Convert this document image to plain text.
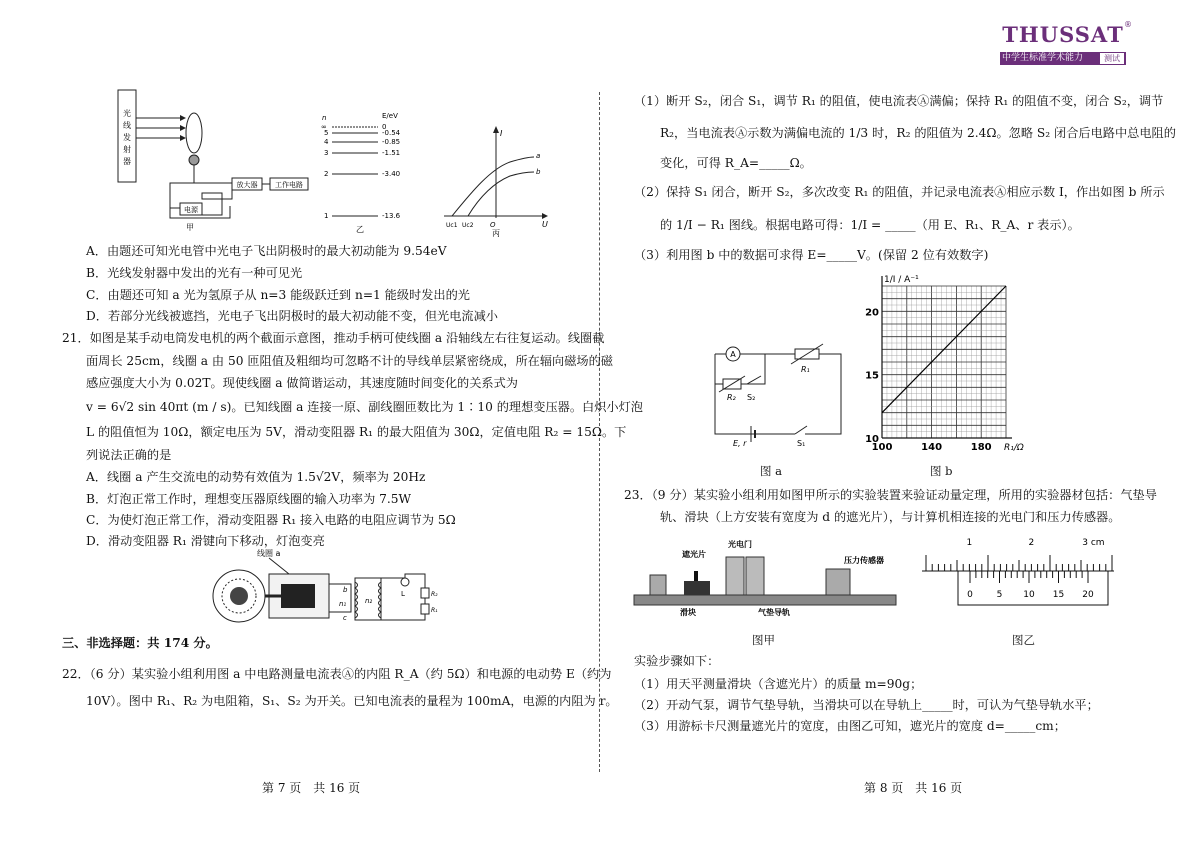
THUSSAT ®
中学生标准学术能力	测试
光
线
发
射
器
放大器	工作电路
电源
甲
n	E/eV
∞	0
5	-0.54
4	-0.85
3	-1.51
2	-3.40
1	-13.6
乙
I
U
O
Uc1 Uc2
a
b
丙
A．由题还可知光电管中光电子飞出阴极时的最大初动能为 9.54eV
B．光线发射器中发出的光有一种可见光
C．由题还可知 a 光为氢原子从 n=3 能级跃迁到 n=1 能级时发出的光
D．若部分光线被遮挡，光电子飞出阴极时的最大初动能不变，但光电流减小
21．如图是某手动电筒发电机的两个截面示意图，推动手柄可使线圈 a 沿轴线左右往复运动。线圈截
面周长 25cm，线圈 a 由 50 匝阻值及粗细均可忽略不计的导线单层紧密绕成，所在辐向磁场的磁
感应强度大小为 0.02T。现使线圈 a 做简谐运动，其速度随时间变化的关系式为
v = 6√2 sin 40πt (m / s)。已知线圈 a 连接一原、副线圈匝数比为 1∶10 的理想变压器。白炽小灯泡
L 的阻值恒为 10Ω，额定电压为 5V，滑动变阻器 R₁ 的最大阻值为 30Ω，定值电阻 R₂ = 15Ω。下
列说法正确的是
A．线圈 a 产生交流电的动势有效值为 1.5√2V，频率为 20Hz
B．灯泡正常工作时，理想变压器原线圈的输入功率为 7.5W
C．为使灯泡正常工作，滑动变阻器 R₁ 接入电路的电阻应调节为 5Ω
D．滑动变阻器 R₁ 滑键向下移动，灯泡变亮
线圈 a
b
n₁
c
n₂
L	R₂
R₁
三、非选择题：共 174 分。
22．（6 分）某实验小组利用图 a 中电路测量电流表Ⓐ的内阻 R_A（约 5Ω）和电源的电动势 E（约为
10V）。图中 R₁、R₂ 为电阻箱，S₁、S₂ 为开关。已知电流表的量程为 100mA，电源的内阻为 r。
第 7 页　共 16 页
（1）断开 S₂，闭合 S₁，调节 R₁ 的阻值，使电流表Ⓐ满偏；保持 R₁ 的阻值不变，闭合 S₂，调节
R₂，当电流表Ⓐ示数为满偏电流的 1/3 时，R₂ 的阻值为 2.4Ω。忽略 S₂ 闭合后电路中总电阻的
变化，可得 R_A=_____Ω。
（2）保持 S₁ 闭合，断开 S₂，多次改变 R₁ 的阻值，并记录电流表Ⓐ相应示数 I，作出如图 b 所示
的 1/I − R₁ 图线。根据电路可得：1/I = _____（用 E、R₁、R_A、r 表示）。
（3）利用图 b 中的数据可求得 E=_____V。(保留 2 位有效数字)
A
R₁
R₂ S₂
E, r	S₁
图 a
100	140	180
10
15
20
1/I / A⁻¹
R₁/Ω
图 b
23．（9 分）某实验小组利用如图甲所示的实验装置来验证动量定理，所用的实验器材包括：气垫导
轨、滑块（上方安装有宽度为 d 的遮光片），与计算机相连接的光电门和压力传感器。
遮光片
光电门
压力传感器
滑块	气垫导轨
图甲
1	2	3 cm
0	5 10 15 20
图乙
实验步骤如下：
（1）用天平测量滑块（含遮光片）的质量 m=90g；
（2）开动气泵，调节气垫导轨，当滑块可以在导轨上_____时，可认为气垫导轨水平；
（3）用游标卡尺测量遮光片的宽度，由图乙可知，遮光片的宽度 d=_____cm；
第 8 页　共 16 页
